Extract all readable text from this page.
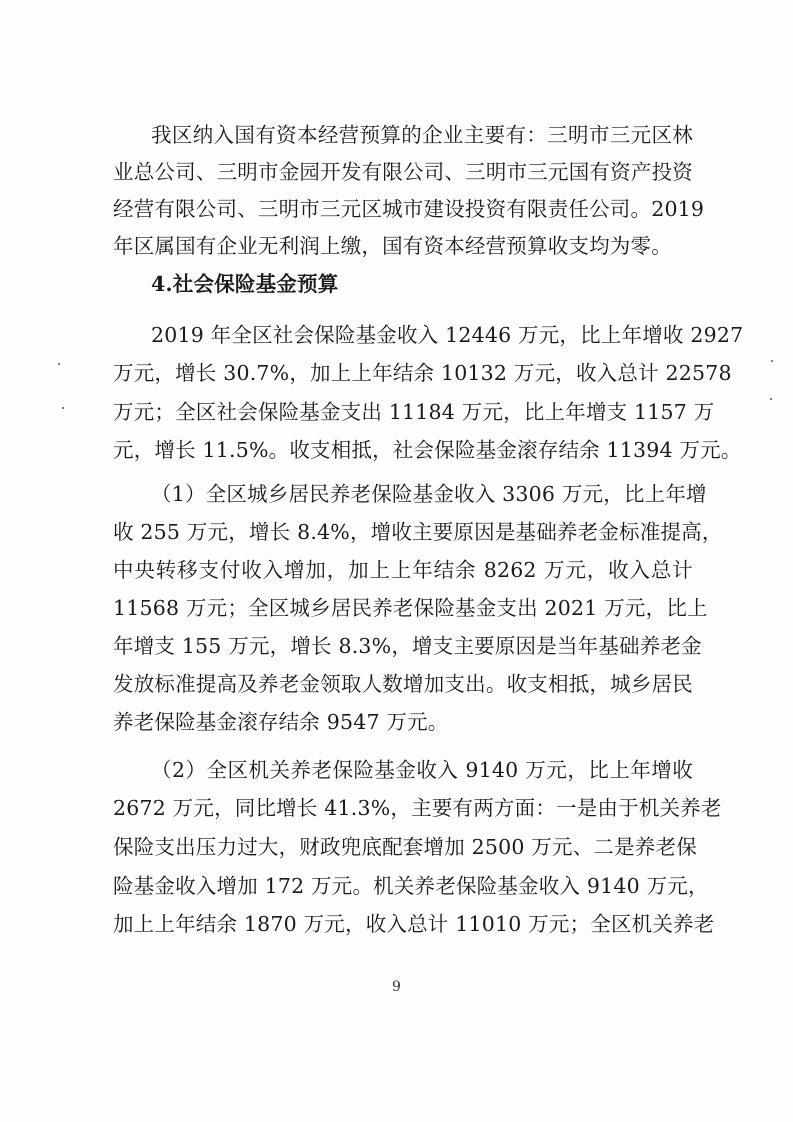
我区纳入国有资本经营预算的企业主要有：三明市三元区林
业总公司、三明市金园开发有限公司、三明市三元国有资产投资
经营有限公司、三明市三元区城市建设投资有限责任公司。2019
年区属国有企业无利润上缴，国有资本经营预算收支均为零。
4.社会保险基金预算
2019 年全区社会保险基金收入 12446 万元，比上年增收 2927
万元，增长 30.7%，加上上年结余 10132 万元，收入总计 22578
万元；全区社会保险基金支出 11184 万元，比上年增支 1157 万
元，增长 11.5%。收支相抵，社会保险基金滚存结余 11394 万元。
（1）全区城乡居民养老保险基金收入 3306 万元，比上年增
收 255 万元，增长 8.4%，增收主要原因是基础养老金标准提高，
中央转移支付收入增加，加上上年结余 8262 万元，收入总计
11568 万元；全区城乡居民养老保险基金支出 2021 万元，比上
年增支 155 万元，增长 8.3%，增支主要原因是当年基础养老金
发放标准提高及养老金领取人数增加支出。收支相抵，城乡居民
养老保险基金滚存结余 9547 万元。
（2）全区机关养老保险基金收入 9140 万元，比上年增收
2672 万元，同比增长 41.3%，主要有两方面：一是由于机关养老
保险支出压力过大，财政兜底配套增加 2500 万元、二是养老保
险基金收入增加 172 万元。机关养老保险基金收入 9140 万元，
加上上年结余 1870 万元，收入总计 11010 万元；全区机关养老
9
